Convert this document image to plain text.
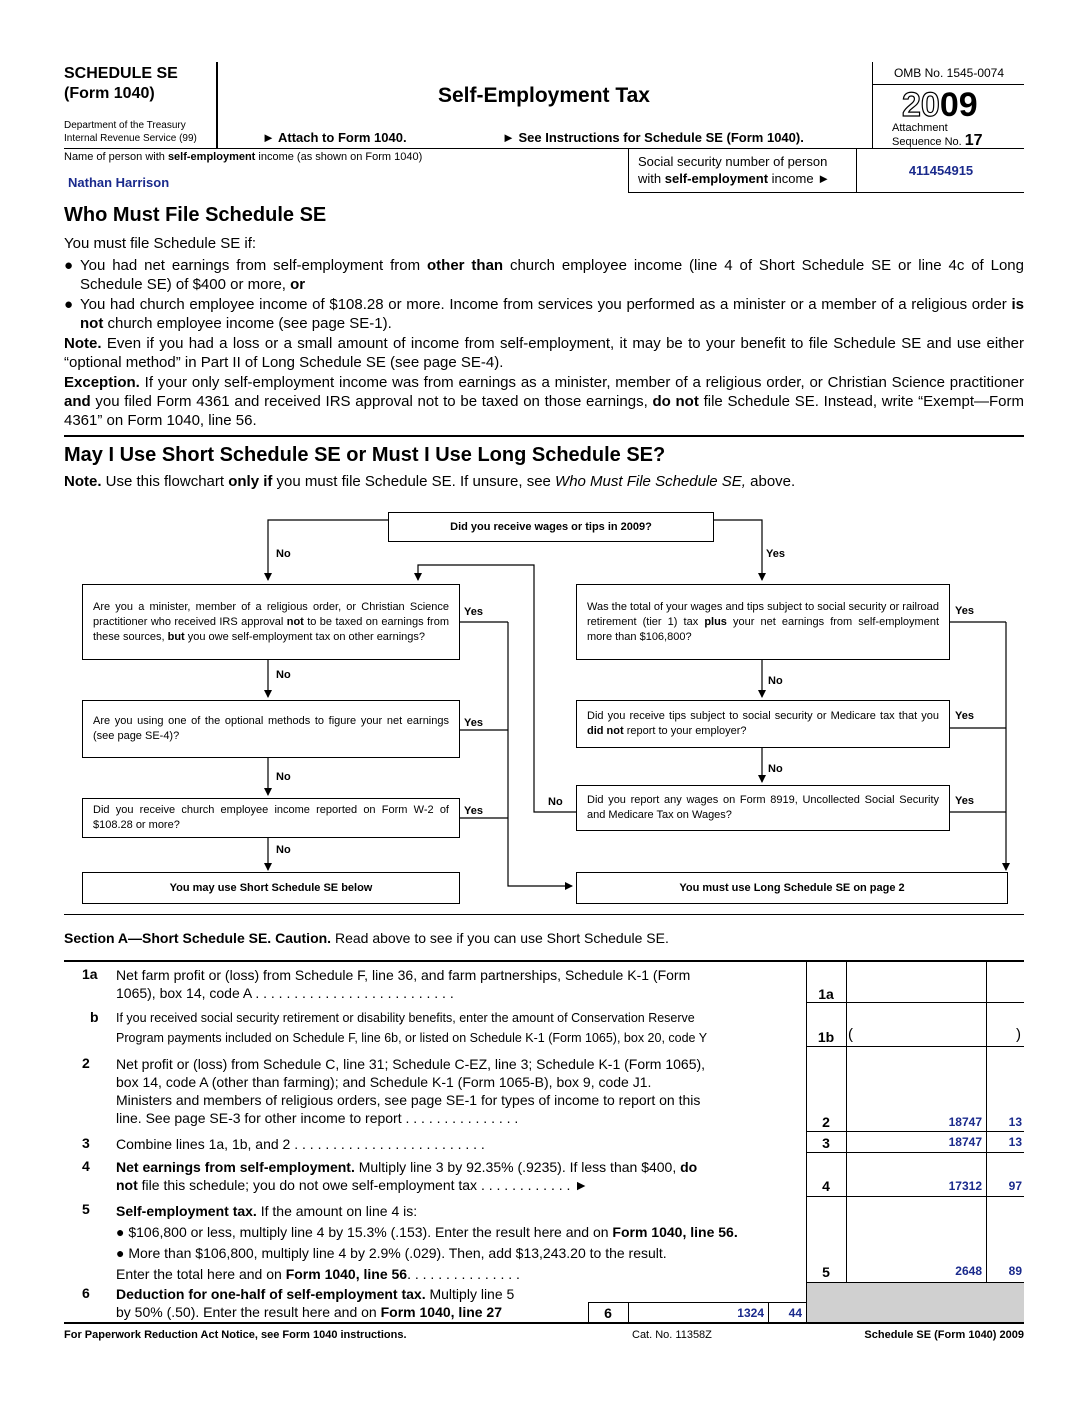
SCHEDULE SE
(Form 1040)
Department of the Treasury
Internal Revenue Service (99)
Self-Employment Tax
► Attach to Form 1040.	► See Instructions for Schedule SE (Form 1040).
OMB No. 1545-0074
2009
Attachment
Sequence No. 17
Name of person with self-employment income (as shown on Form 1040)
Nathan Harrison
Social security number of person
with self-employment income ►
411454915
Who Must File Schedule SE
You must file Schedule SE if:
● You had net earnings from self-employment from other than church employee income (line 4 of Short Schedule SE or line 4c of Long Schedule SE) of $400 or more, or
● You had church employee income of $108.28 or more. Income from services you performed as a minister or a member of a religious order is not church employee income (see page SE-1).
Note. Even if you had a loss or a small amount of income from self-employment, it may be to your benefit to file Schedule SE and use either “optional method” in Part II of Long Schedule SE (see page SE-4).
Exception. If your only self-employment income was from earnings as a minister, member of a religious order, or Christian Science practitioner and you filed Form 4361 and received IRS approval not to be taxed on those earnings, do not file Schedule SE. Instead, write “Exempt—Form 4361” on Form 1040, line 56.
May I Use Short Schedule SE or Must I Use Long Schedule SE?
Note. Use this flowchart only if you must file Schedule SE. If unsure, see Who Must File Schedule SE, above.
Did you receive wages or tips in 2009?
No	Yes
Are you a minister, member of a religious order, or Christian Science practitioner who received IRS approval not to be taxed on earnings from these sources, but you owe self-employment tax on other earnings?
Yes
No
Are you using one of the optional methods to figure your net earnings (see page SE-4)?
Yes
No
Did you receive church employee income reported on Form W-2 of $108.28 or more?
Yes
No
You may use Short Schedule SE below
Was the total of your wages and tips subject to social security or railroad retirement (tier 1) tax plus your net earnings from self-employment more than $106,800?
Yes
No
Did you receive tips subject to social security or Medicare tax that you did not report to your employer?
Yes
No
Did you report any wages on Form 8919, Uncollected Social Security and Medicare Tax on Wages?
Yes
No
You must use Long Schedule SE on page 2
Section A—Short Schedule SE. Caution. Read above to see if you can use Short Schedule SE.
1a Net farm profit or (loss) from Schedule F, line 36, and farm partnerships, Schedule K-1 (Form
1065), box 14, code A . . . . . . . . . . . . . . . . . . . . . . . . . .	1a
b If you received social security retirement or disability benefits, enter the amount of Conservation Reserve
Program payments included on Schedule F, line 6b, or listed on Schedule K-1 (Form 1065), box 20, code Y	1b (	)
2 Net profit or (loss) from Schedule C, line 31; Schedule C-EZ, line 3; Schedule K-1 (Form 1065),
box 14, code A (other than farming); and Schedule K-1 (Form 1065-B), box 9, code J1.
Ministers and members of religious orders, see page SE-1 for types of income to report on this
line. See page SE-3 for other income to report . . . . . . . . . . . . . . .	2	18747	13
3 Combine lines 1a, 1b, and 2 . . . . . . . . . . . . . . . . . . . . . . . . .	3	18747	13
4 Net earnings from self-employment. Multiply line 3 by 92.35% (.9235). If less than $400, do
not file this schedule; you do not owe self-employment tax . . . . . . . . . . . . ►	4	17312	97
5 Self-employment tax. If the amount on line 4 is:
● $106,800 or less, multiply line 4 by 15.3% (.153). Enter the result here and on Form 1040, line 56.
● More than $106,800, multiply line 4 by 2.9% (.029). Then, add $13,243.20 to the result.
Enter the total here and on Form 1040, line 56. . . . . . . . . . . . . . .	5	2648	89
6 Deduction for one-half of self-employment tax. Multiply line 5
by 50% (.50). Enter the result here and on Form 1040, line 27	6	1324	44
For Paperwork Reduction Act Notice, see Form 1040 instructions.	Cat. No. 11358Z	Schedule SE (Form 1040) 2009
